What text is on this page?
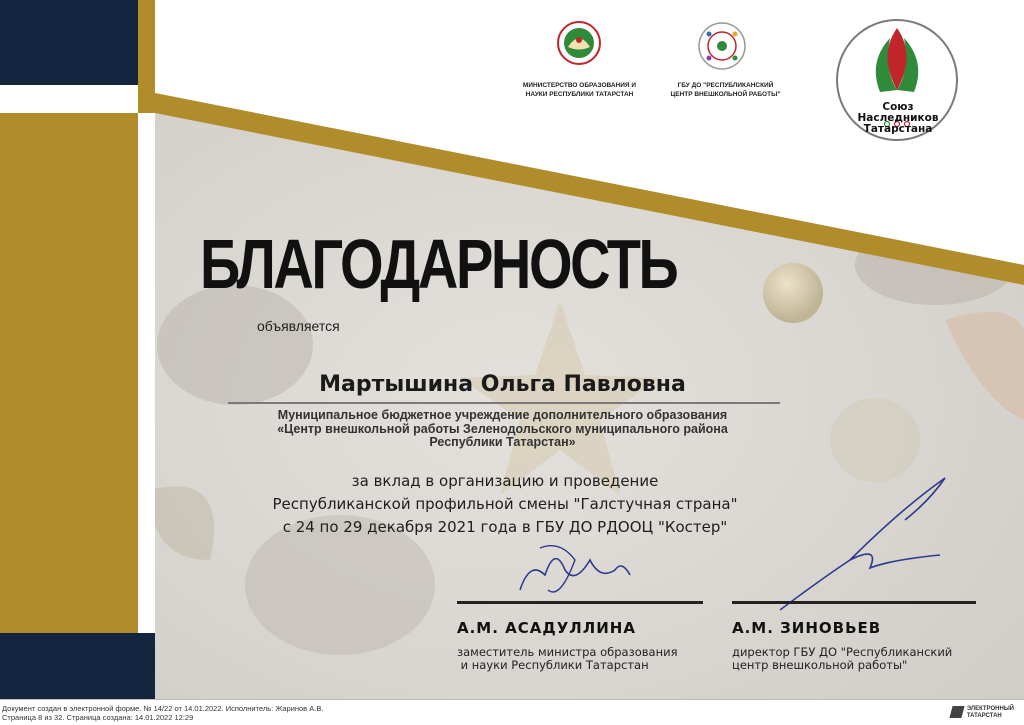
МИНИСТЕРСТВО ОБРАЗОВАНИЯ И НАУКИ РЕСПУБЛИКИ ТАТАРСТАН
ГБУ ДО "РЕСПУБЛИКАНСКИЙ ЦЕНТР ВНЕШКОЛЬНОЙ РАБОТЫ"
Союз
Наследников
Татарстана
БЛАГОДАРНОСТЬ
объявляется
Мартышина Ольга Павловна
Муниципальное бюджетное учреждение дополнительного образования
«Центр внешкольной работы Зеленодольского муниципального района
Республики Татарстан»
за вклад в организацию и проведение
Республиканской профильной смены "Галстучная страна"
с 24 по 29 декабря 2021 года в ГБУ ДО РДООЦ "Костер"
А.М. АСАДУЛЛИНА
заместитель министра образования
и науки Республики Татарстан
А.М. ЗИНОВЬЕВ
директор ГБУ ДО "Республиканский
центр внешкольной работы"
Документ создан в электронной форме. № 14/22 от 14.01.2022. Исполнитель: Жаринов А.В.
Страница 8 из 32. Страница создана: 14.01.2022 12:29
ЭЛЕКТРОННЫЙ
ТАТАРСТАН
